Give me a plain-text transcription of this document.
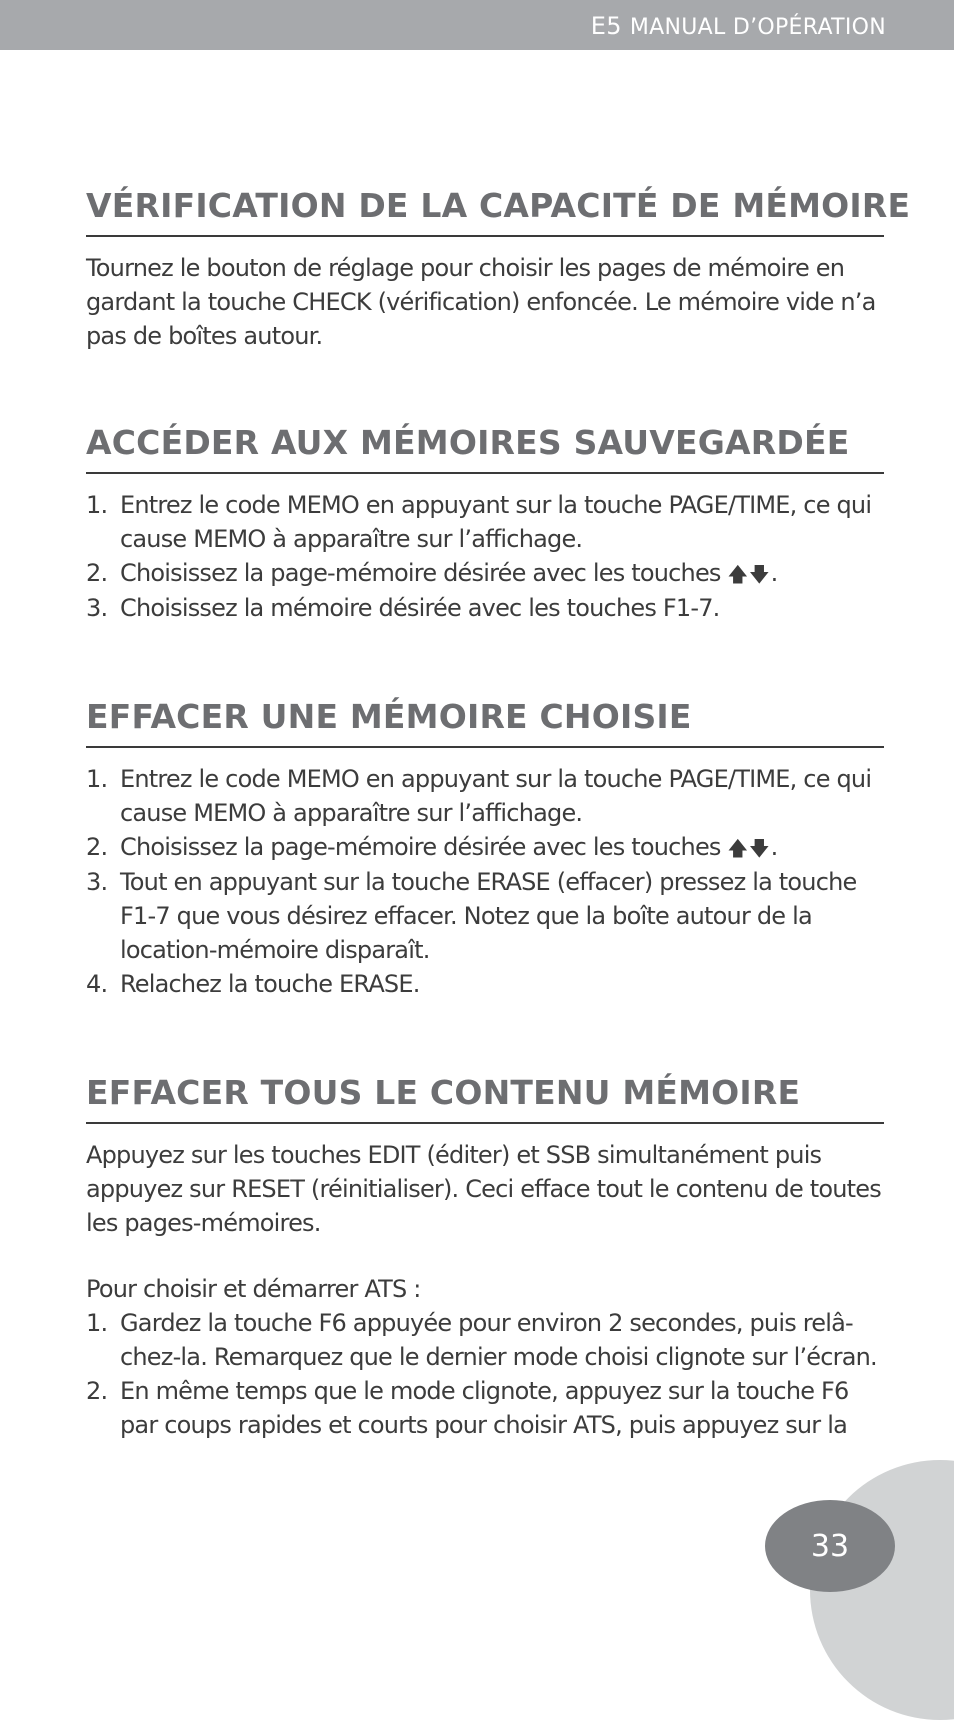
E5 MANUAL D’OPÉRATION
VÉRIFICATION DE LA CAPACITÉ DE MÉMOIRE

Tournez le bouton de réglage pour choisir les pages de mémoire en gardant la touche CHECK (vérification) enfoncée. Le mémoire vide n’a pas de boîtes autour.

ACCÉDER AUX MÉMOIRES SAUVEGARDÉE
1. Entrez le code MEMO en appuyant sur la touche PAGE/TIME, ce qui cause MEMO à apparaître sur l’affichage.
2. Choisissez la page-mémoire désirée avec les touches 🡅🡇.
3. Choisissez la mémoire désirée avec les touches F1-7.
EFFACER UNE MÉMOIRE CHOISIE
1. Entrez le code MEMO en appuyant sur la touche PAGE/TIME, ce qui cause MEMO à apparaître sur l’affichage.
2. Choisissez la page-mémoire désirée avec les touches 🡅🡇.
3. Tout en appuyant sur la touche ERASE (effacer) pressez la touche F1-7 que vous désirez effacer. Notez que la boîte autour de la location-mémoire disparaît.
4. Relachez la touche ERASE.
EFFACER TOUS LE CONTENU MÉMOIRE

Appuyez sur les touches EDIT (éditer) et SSB simultanément puis appuyez sur RESET (réinitialiser). Ceci efface tout le contenu de toutes les pages-mémoires.

Pour choisir et démarrer ATS :

1. Gardez la touche F6 appuyée pour environ 2 secondes, puis relâ-chez-la. Remarquez que le dernier mode choisi clignote sur l’écran.
2. En même temps que le mode clignote, appuyez sur la touche F6 par coups rapides et courts pour choisir ATS, puis appuyez sur la
33
